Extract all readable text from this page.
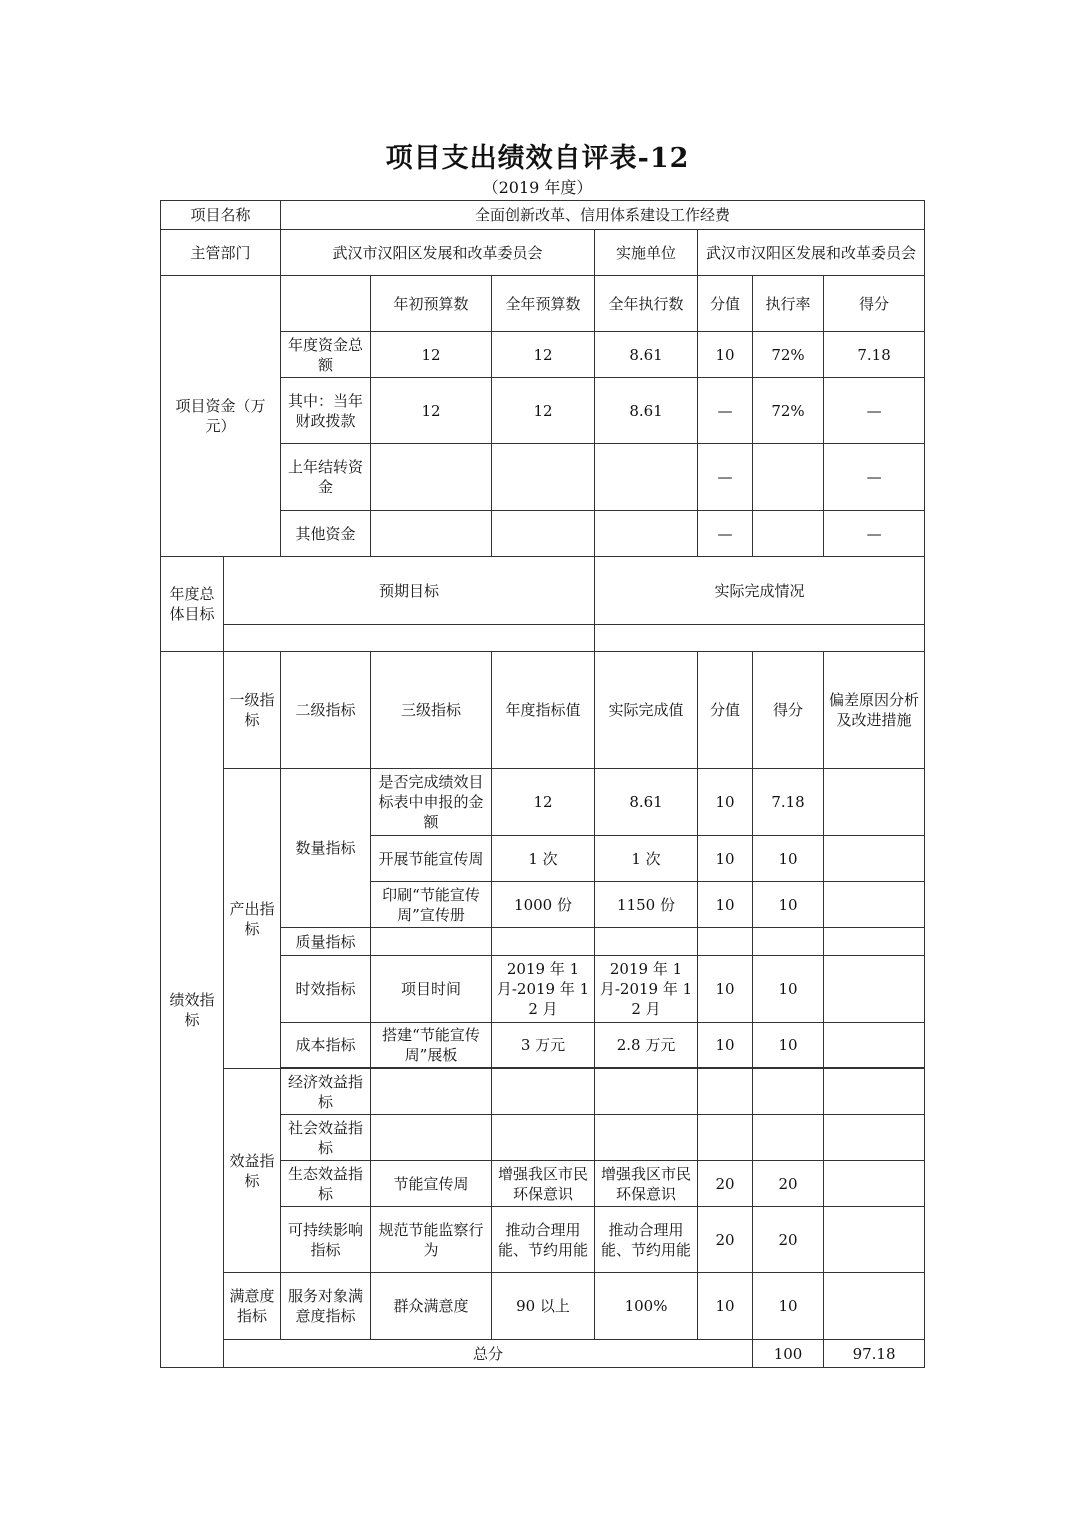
项目支出绩效自评表-12
（2019 年度）
项目名称		全面创新改革、信用体系建设工作经费							
主管部门		武汉市汉阳区发展和改革委员会			实施单位	武汉市汉阳区发展和改革委员会			
项目资金（万元）			年初预算数	全年预算数	全年执行数	分值	执行率	得分	
		年度资金总额	12	12	8.61	10	72%	7.18	
		其中：当年财政拨款	12	12	8.61	—	72%	—	
		上年结转资金				—		—	
		其他资金				—		—	
年度总体目标	预期目标				实际完成情况				

绩效指标	一级指标	二级指标	三级指标	年度指标值	实际完成值	分值	得分	偏差原因分析及改进措施	
	产出指标	数量指标	是否完成绩效目标表中申报的金额	12	8.61	10	7.18		
			开展节能宣传周	1 次	1 次	10	10		
			印刷“节能宣传周”宣传册	1000 份	1150 份	10	10		
		质量指标							
		时效指标	项目时间	2019 年 1 月-2019 年 12 月	2019 年 1 月-2019 年 12 月	10	10		
		成本指标	搭建“节能宣传周”展板	3 万元	2.8 万元	10	10		

	效益指标	经济效益指标							
		社会效益指标							
		生态效益指标	节能宣传周	增强我区市民环保意识	增强我区市民环保意识	20	20		
		可持续影响指标	规范节能监察行为	推动合理用能、节约用能	推动合理用能、节约用能	20	20		
	满意度指标	服务对象满意度指标	群众满意度	90 以上	100%	10	10		
	总分						100	97.18	
